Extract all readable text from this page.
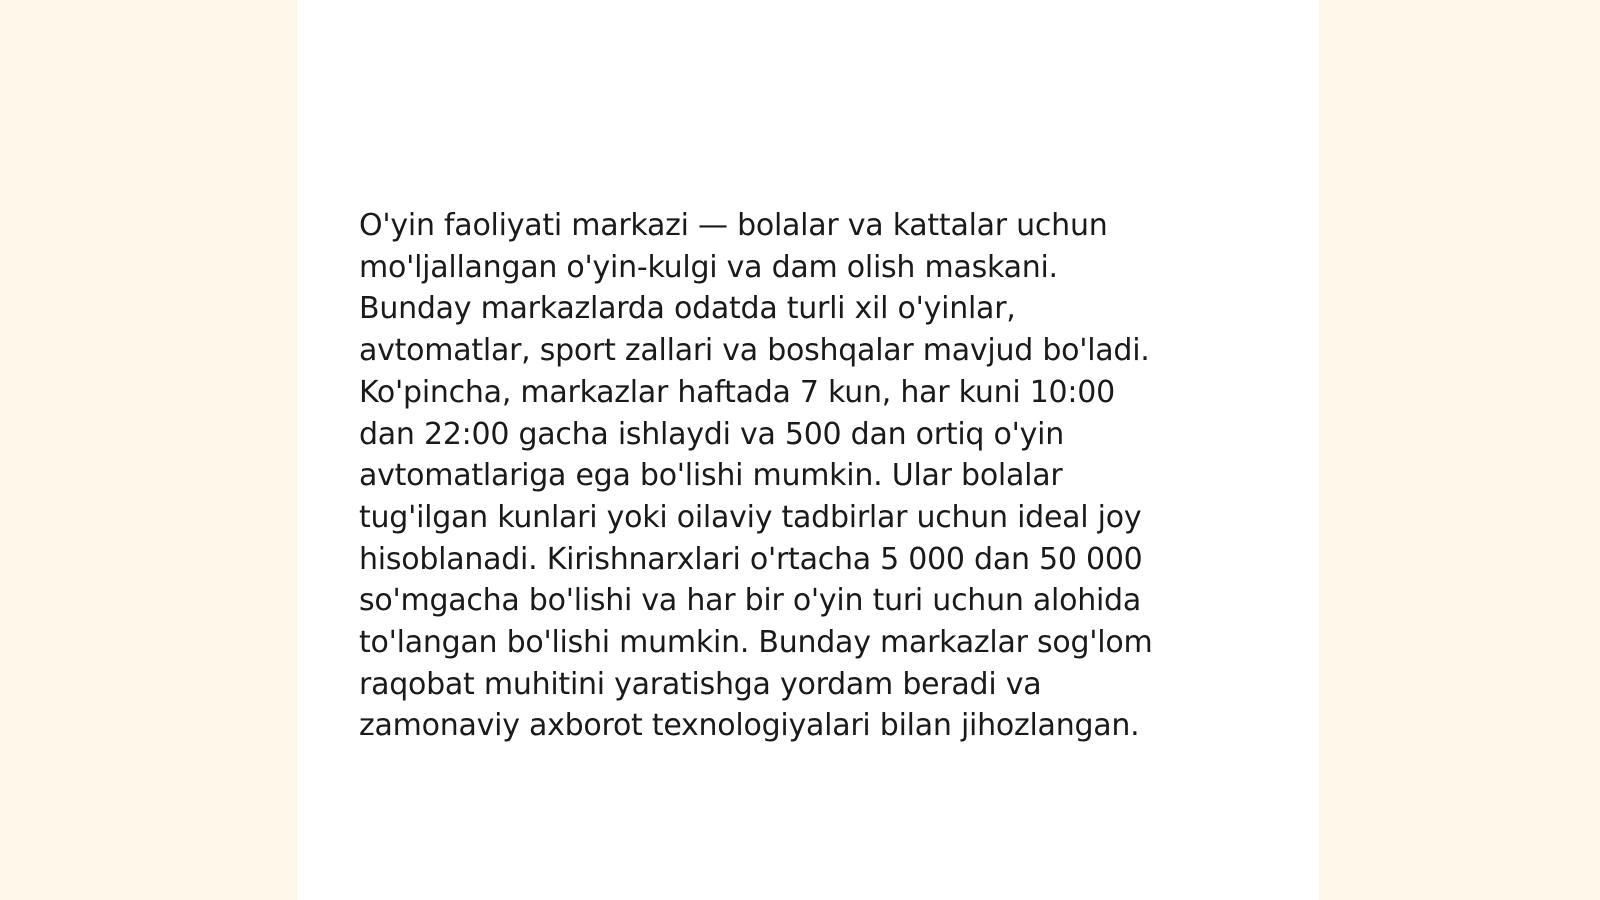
O'yin faoliyati markazi — bolalar va kattalar uchun
mo'ljallangan o'yin-kulgi va dam olish maskani.
Bunday markazlarda odatda turli xil o'yinlar,
avtomatlar, sport zallari va boshqalar mavjud bo'ladi.
Ko'pincha, markazlar haftada 7 kun, har kuni 10:00
dan 22:00 gacha ishlaydi va 500 dan ortiq o'yin
avtomatlariga ega bo'lishi mumkin. Ular bolalar
tug'ilgan kunlari yoki oilaviy tadbirlar uchun ideal joy
hisoblanadi. Kirishnarxlari o'rtacha 5 000 dan 50 000
so'mgacha bo'lishi va har bir o'yin turi uchun alohida
to'langan bo'lishi mumkin. Bunday markazlar sog'lom
raqobat muhitini yaratishga yordam beradi va
zamonaviy axborot texnologiyalari bilan jihozlangan.
